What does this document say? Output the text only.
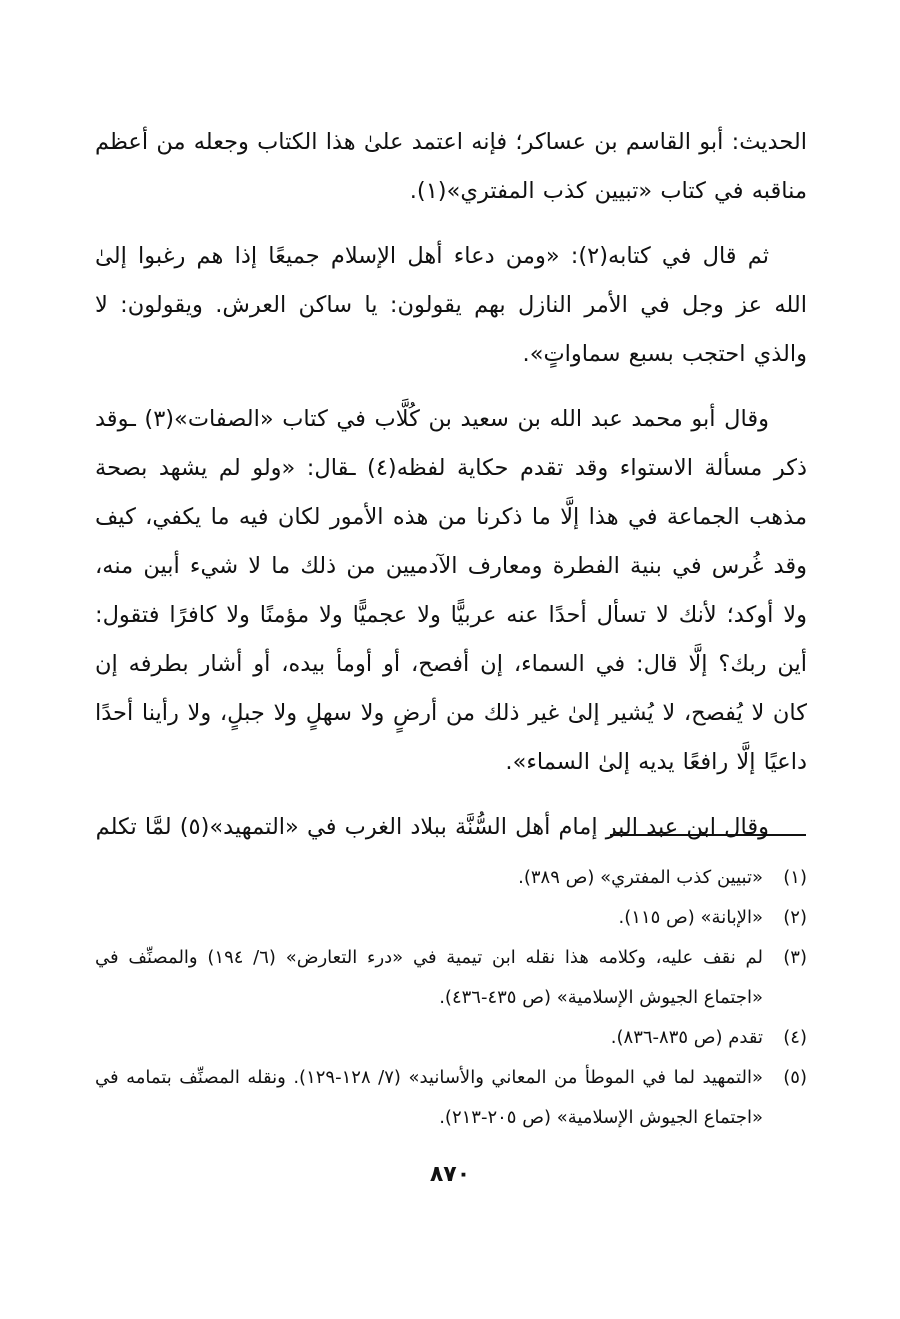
الحديث: أبو القاسم بن عساكر؛ فإنه اعتمد علىٰ هذا الكتاب وجعله من أعظم مناقبه في كتاب «تبيين كذب المفتري»(١).

ثم قال في كتابه(٢): «ومن دعاء أهل الإسلام جميعًا إذا هم رغبوا إلىٰ الله عز وجل في الأمر النازل بهم يقولون: يا ساكن العرش. ويقولون: لا والذي احتجب بسبع سماواتٍ».

وقال أبو محمد عبد الله بن سعيد بن كُلَّاب في كتاب «الصفات»(٣) ـوقد ذكر مسألة الاستواء وقد تقدم حكاية لفظه(٤) ـقال: «ولو لم يشهد بصحة مذهب الجماعة في هذا إلَّا ما ذكرنا من هذه الأمور لكان فيه ما يكفي، كيف وقد غُرس في بنية الفطرة ومعارف الآدميين من ذلك ما لا شيء أبين منه، ولا أوكد؛ لأنك لا تسأل أحدًا عنه عربيًّا ولا عجميًّا ولا مؤمنًا ولا كافرًا فتقول: أين ربك؟ إلَّا قال: في السماء، إن أفصح، أو أومأ بيده، أو أشار بطرفه إن كان لا يُفصح، لا يُشير إلىٰ غير ذلك من أرضٍ ولا سهلٍ ولا جبلٍ، ولا رأينا أحدًا داعيًا إلَّا رافعًا يديه إلىٰ السماء».

وقال ابن عبد البر إمام أهل السُّنَّة ببلاد الغرب في «التمهيد»(٥) لمَّا تكلم

(١)
«تبيين كذب المفتري» (ص ٣٨٩).
(٢)
«الإبانة» (ص ١١٥).
(٣)
لم نقف عليه، وكلامه هذا نقله ابن تيمية في «درء التعارض» (٦/ ١٩٤) والمصنِّف في «اجتماع الجيوش الإسلامية» (ص ٤٣٥-٤٣٦).
(٤)
تقدم (ص ٨٣٥-٨٣٦).
(٥)
«التمهيد لما في الموطأ من المعاني والأسانيد» (٧/ ١٢٨-١٢٩). ونقله المصنِّف بتمامه في «اجتماع الجيوش الإسلامية» (ص ٢٠٥-٢١٣).
٨٧٠
